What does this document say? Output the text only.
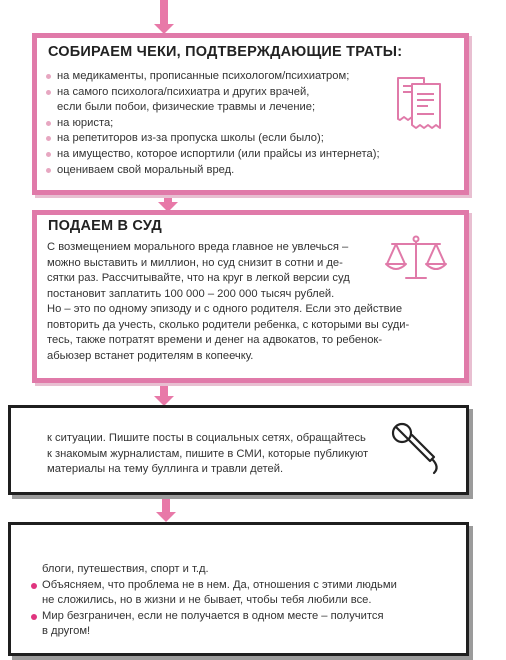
СОБИРАЕМ ЧЕКИ, ПОДТВЕРЖДАЮЩИЕ ТРАТЫ:
на медикаменты, прописанные психологом/психиатром;
на самого психолога/психиатра и других врачей,
если были побои, физические травмы и лечение;
на юриста;
на репетиторов из-за пропуска школы (если было);
на имущество, которое испортили (или прайсы из интернета);
оцениваем свой моральный вред.
ПОДАЕМ В СУД
С возмещением морального вреда главное не увлечься –
можно выставить и миллион, но суд снизит в сотни и де-
сятки раз. Рассчитывайте, что на круг в легкой версии суд
постановит заплатить 100 000 – 200 000 тысяч рублей.
Но – это по одному эпизоду и с одного родителя. Если это действие
повторить да учесть, сколько родители ребенка, с которыми вы суди-
тесь, также потратят времени и денег на адвокатов, то ребенок-
абьюзер встанет родителям в копеечку.
к ситуации. Пишите посты в социальных сетях, обращайтесь
к знакомым журналистам, пишите в СМИ, которые публикуют
материалы на тему буллинга и травли детей.
блоги, путешествия, спорт и т.д.
Объясняем, что проблема не в нем. Да, отношения с этими людьми
не сложились, но в жизни и не бывает, чтобы тебя любили все.
Мир безграничен, если не получается в одном месте – получится
в другом!
